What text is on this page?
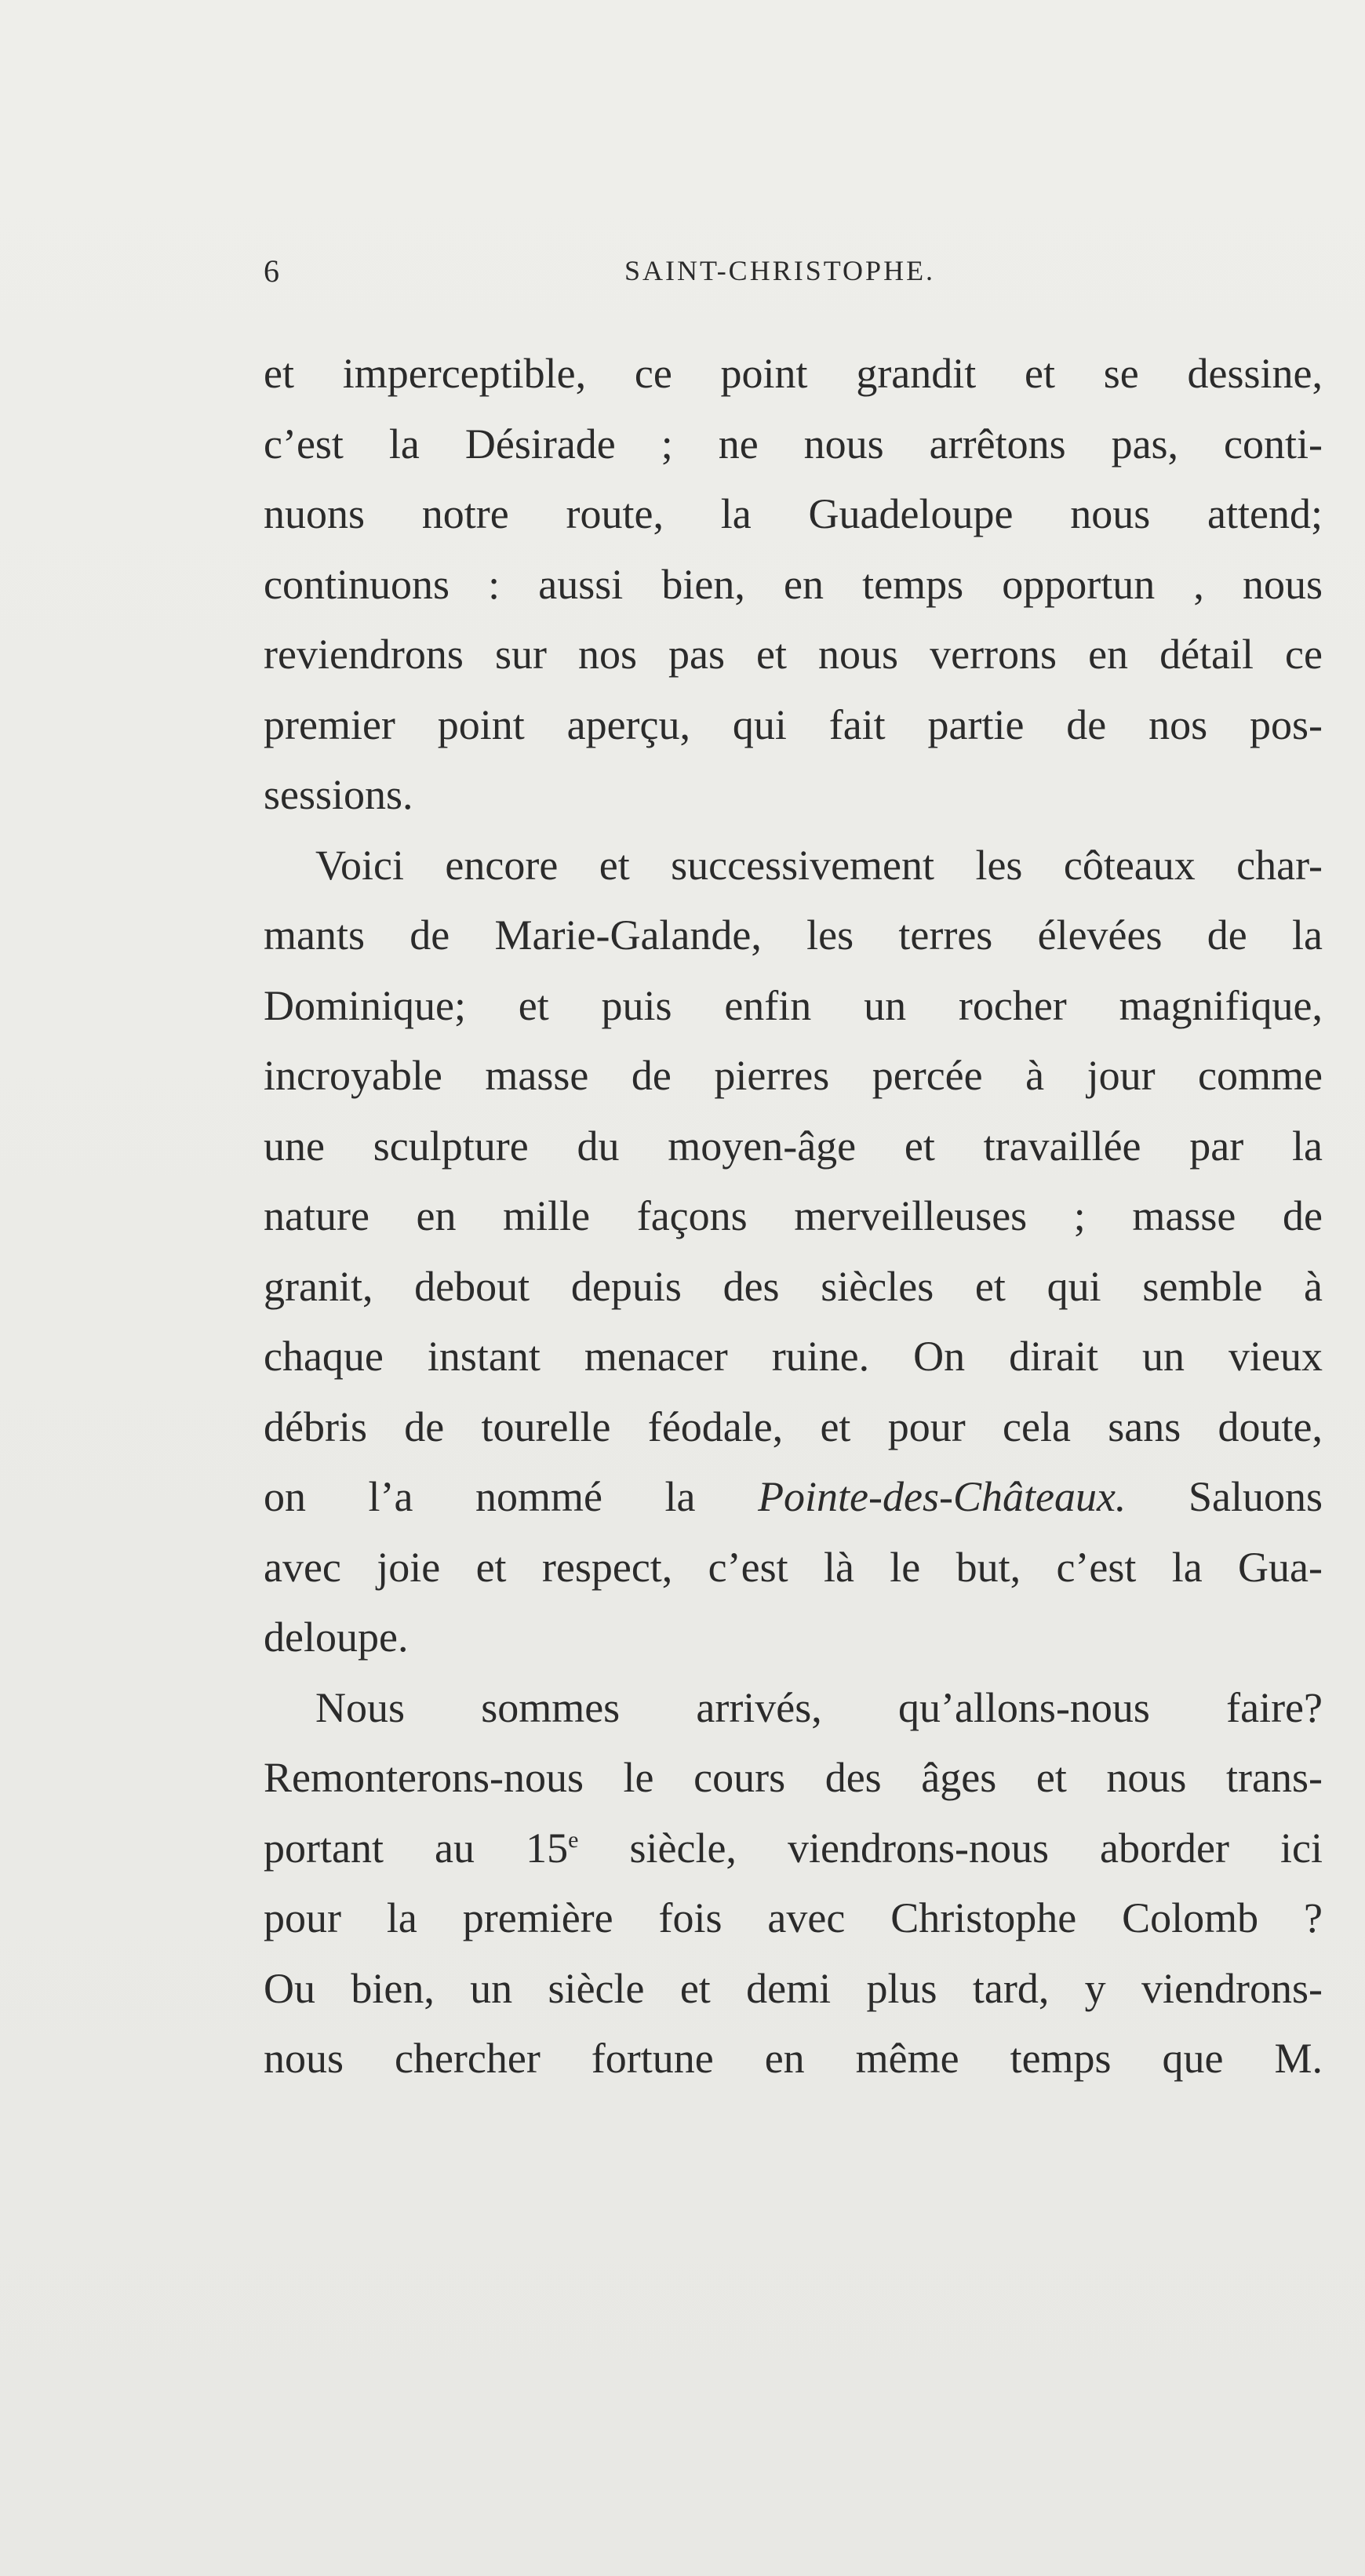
6	SAINT-CHRISTOPHE.
et imperceptible, ce point grandit et se dessine,
c’est la Désirade ; ne nous arrêtons pas, conti-
nuons notre route, la Guadeloupe nous attend;
continuons : aussi bien, en temps opportun , nous
reviendrons sur nos pas et nous verrons en détail ce
premier point aperçu, qui fait partie de nos pos-
sessions.
Voici encore et successivement les côteaux char-
mants de Marie-Galande, les terres élevées de la
Dominique; et puis enfin un rocher magnifique,
incroyable masse de pierres percée à jour comme
une sculpture du moyen-âge et travaillée par la
nature en mille façons merveilleuses ; masse de
granit, debout depuis des siècles et qui semble à
chaque instant menacer ruine. On dirait un vieux
débris de tourelle féodale, et pour cela sans doute,
on l’a nommé la Pointe-des-Châteaux. Saluons
avec joie et respect, c’est là le but, c’est la Gua-
deloupe.
Nous sommes arrivés, qu’allons-nous faire?
Remonterons-nous le cours des âges et nous trans-
portant au 15e siècle, viendrons-nous aborder ici
pour la première fois avec Christophe Colomb ?
Ou bien, un siècle et demi plus tard, y viendrons-
nous chercher fortune en même temps que M.
